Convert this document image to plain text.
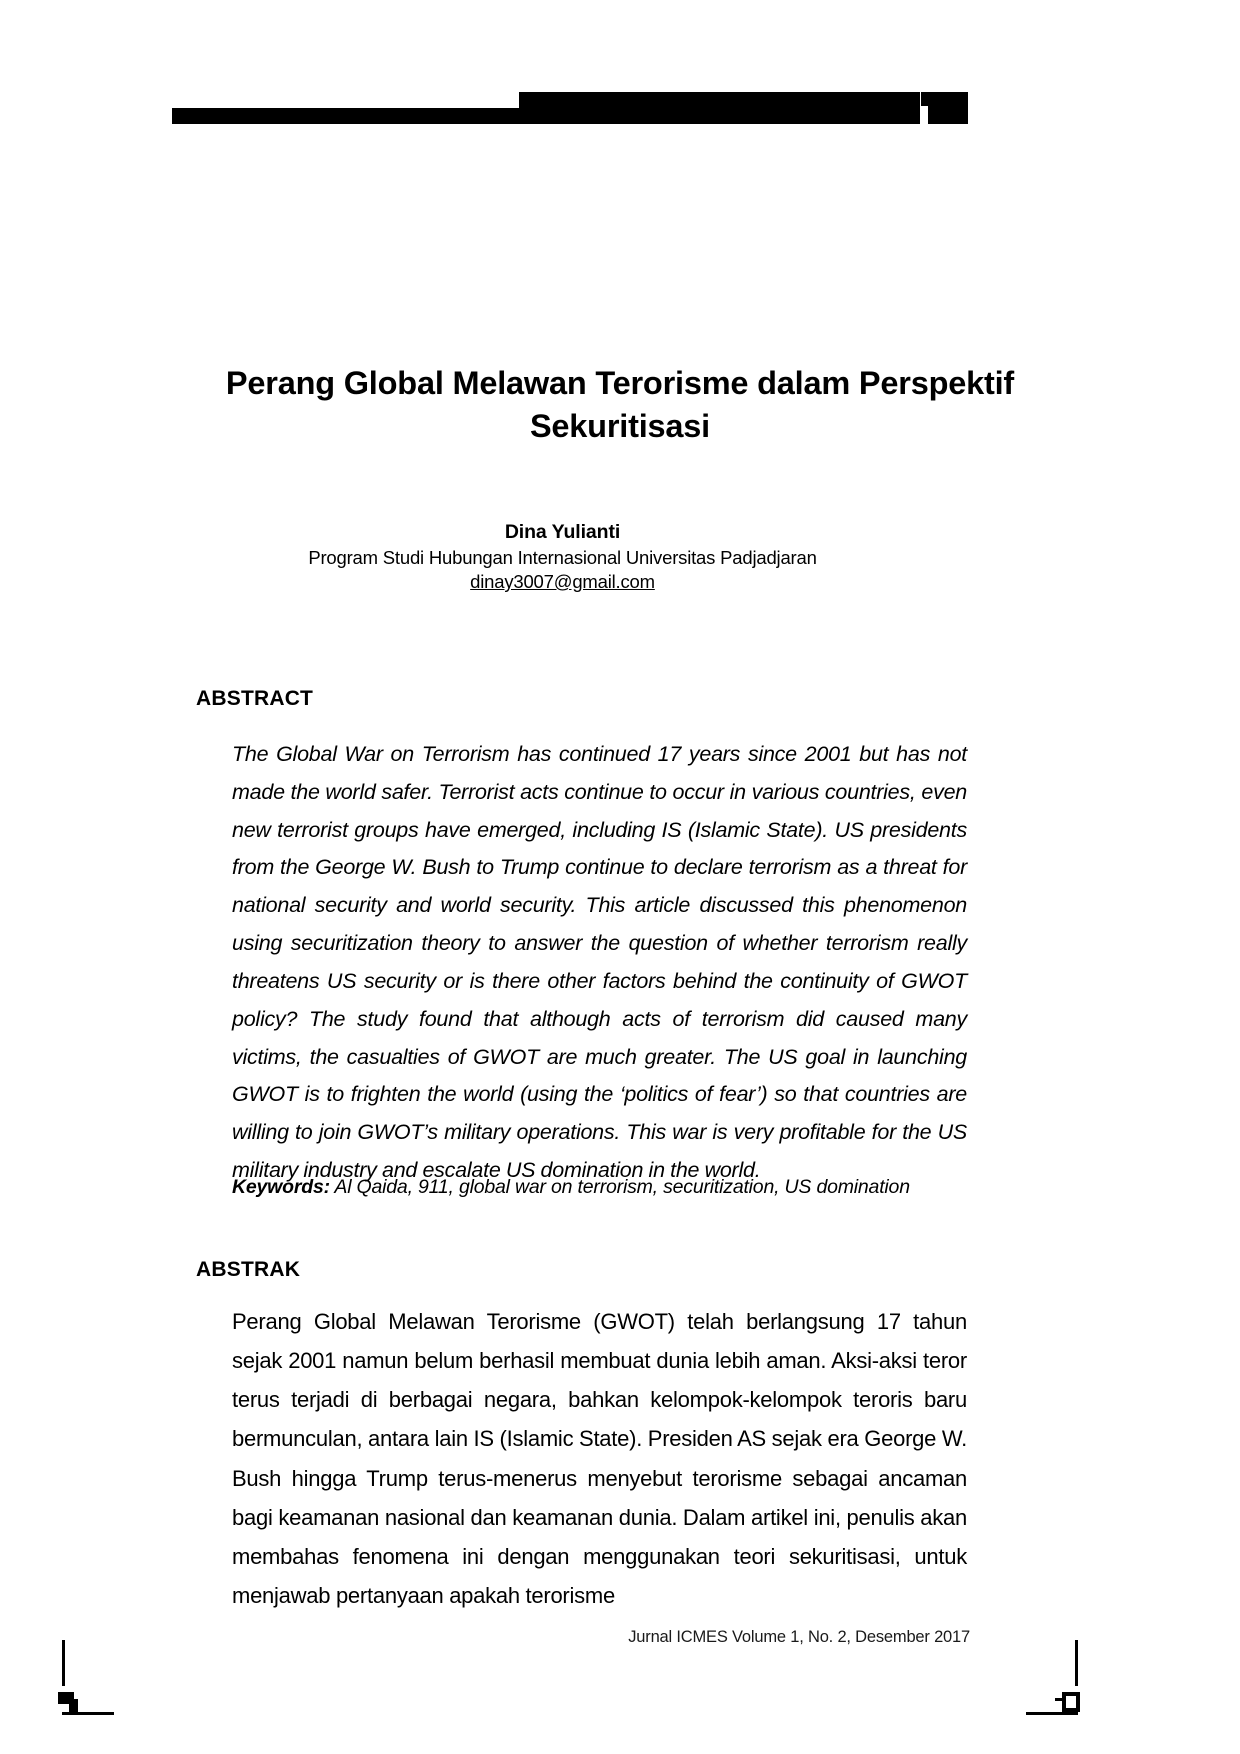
Perang Global Melawan Terorisme dalam Perspektif Sekuritisasi
Dina Yulianti
Program Studi Hubungan Internasional Universitas Padjadjaran
dinay3007@gmail.com
ABSTRACT
The Global War on Terrorism has continued 17 years since 2001 but has not made the world safer. Terrorist acts continue to occur in various countries, even new terrorist groups have emerged, including IS (Islamic State). US presidents from the George W. Bush to Trump continue to declare terrorism as a threat for national security and world security. This article discussed this phenomenon using securitization theory to answer the question of whether terrorism really threatens US security or is there other factors behind the continuity of GWOT policy? The study found that although acts of terrorism did caused many victims, the casualties of GWOT are much greater. The US goal in launching GWOT is to frighten the world (using the ‘politics of fear’) so that countries are willing to join GWOT’s military operations. This war is very profitable for the US military industry and escalate US domination in the world.
Keywords: Al Qaida, 911, global war on terrorism, securitization, US domination
ABSTRAK
Perang Global Melawan Terorisme (GWOT) telah berlangsung 17 tahun sejak 2001 namun belum berhasil membuat dunia lebih aman. Aksi-aksi teror terus terjadi di berbagai negara, bahkan kelompok-kelompok teroris baru bermunculan, antara lain IS (Islamic State). Presiden AS sejak era George W. Bush hingga Trump terus-menerus menyebut terorisme sebagai ancaman bagi keamanan nasional dan keamanan dunia. Dalam artikel ini, penulis akan membahas fenomena ini dengan menggunakan teori sekuritisasi, untuk menjawab pertanyaan apakah terorisme
Jurnal ICMES Volume 1, No. 2, Desember 2017
